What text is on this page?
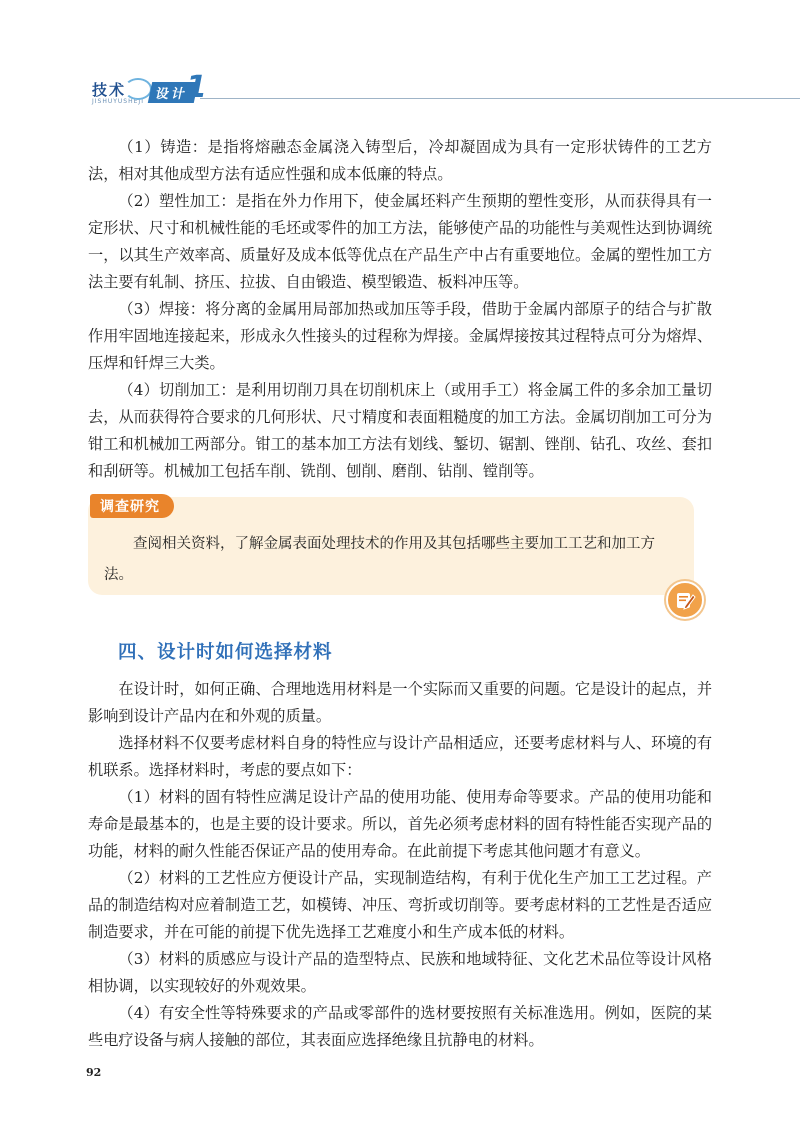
技术
JISHUYUSHEJI 设计
1

（1）铸造：是指将熔融态金属浇入铸型后，冷却凝固成为具有一定形状铸件的工艺方法，相对其他成型方法有适应性强和成本低廉的特点。

（2）塑性加工：是指在外力作用下，使金属坯料产生预期的塑性变形，从而获得具有一定形状、尺寸和机械性能的毛坯或零件的加工方法，能够使产品的功能性与美观性达到协调统一，以其生产效率高、质量好及成本低等优点在产品生产中占有重要地位。金属的塑性加工方法主要有轧制、挤压、拉拔、自由锻造、模型锻造、板料冲压等。

（3）焊接：将分离的金属用局部加热或加压等手段，借助于金属内部原子的结合与扩散作用牢固地连接起来，形成永久性接头的过程称为焊接。金属焊接按其过程特点可分为熔焊、压焊和钎焊三大类。

（4）切削加工：是利用切削刀具在切削机床上（或用手工）将金属工件的多余加工量切去，从而获得符合要求的几何形状、尺寸精度和表面粗糙度的加工方法。金属切削加工可分为钳工和机械加工两部分。钳工的基本加工方法有划线、錾切、锯割、锉削、钻孔、攻丝、套扣和刮研等。机械加工包括车削、铣削、刨削、磨削、钻削、镗削等。

调查研究
查阅相关资料，了解金属表面处理技术的作用及其包括哪些主要加工工艺和加工方法。
四、设计时如何选择材料

在设计时，如何正确、合理地选用材料是一个实际而又重要的问题。它是设计的起点，并影响到设计产品内在和外观的质量。

选择材料不仅要考虑材料自身的特性应与设计产品相适应，还要考虑材料与人、环境的有机联系。选择材料时，考虑的要点如下：

（1）材料的固有特性应满足设计产品的使用功能、使用寿命等要求。产品的使用功能和寿命是最基本的，也是主要的设计要求。所以，首先必须考虑材料的固有特性能否实现产品的功能，材料的耐久性能否保证产品的使用寿命。在此前提下考虑其他问题才有意义。

（2）材料的工艺性应方便设计产品，实现制造结构，有利于优化生产加工工艺过程。产品的制造结构对应着制造工艺，如模铸、冲压、弯折或切削等。要考虑材料的工艺性是否适应制造要求，并在可能的前提下优先选择工艺难度小和生产成本低的材料。

（3）材料的质感应与设计产品的造型特点、民族和地域特征、文化艺术品位等设计风格相协调，以实现较好的外观效果。

（4）有安全性等特殊要求的产品或零部件的选材要按照有关标准选用。例如，医院的某些电疗设备与病人接触的部位，其表面应选择绝缘且抗静电的材料。

92
